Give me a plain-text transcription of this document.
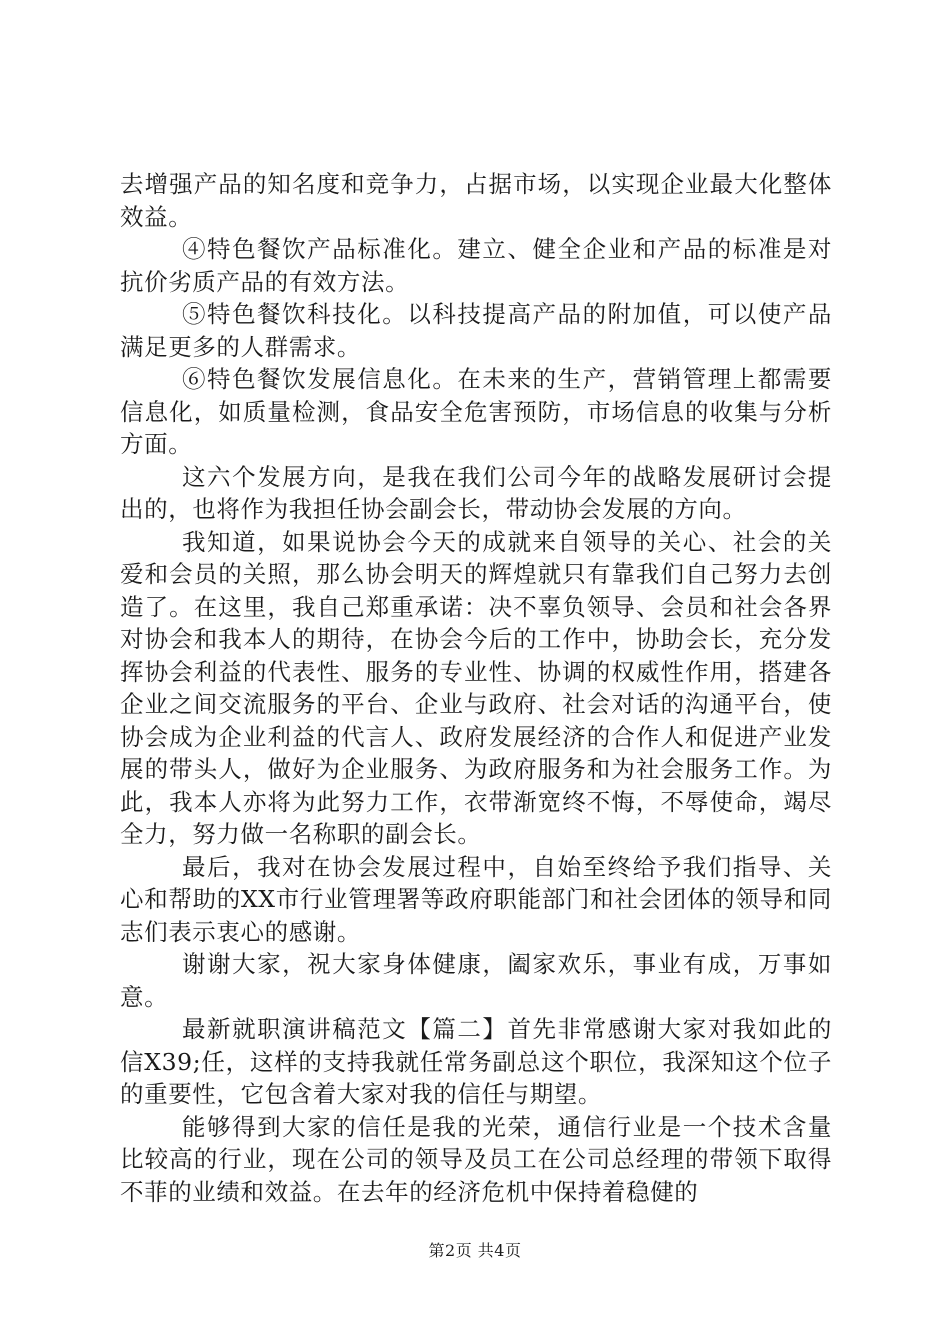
去增强产品的知名度和竞争力，占据市场，以实现企业最大化整体效益。

④特色餐饮产品标准化。建立、健全企业和产品的标准是对抗价劣质产品的有效方法。

⑤特色餐饮科技化。以科技提高产品的附加值，可以使产品满足更多的人群需求。

⑥特色餐饮发展信息化。在未来的生产，营销管理上都需要信息化，如质量检测，食品安全危害预防，市场信息的收集与分析方面。

这六个发展方向，是我在我们公司今年的战略发展研讨会提出的，也将作为我担任协会副会长，带动协会发展的方向。

我知道，如果说协会今天的成就来自领导的关心、社会的关爱和会员的关照，那么协会明天的辉煌就只有靠我们自己努力去创造了。在这里，我自己郑重承诺：决不辜负领导、会员和社会各界对协会和我本人的期待，在协会今后的工作中，协助会长，充分发挥协会利益的代表性、服务的专业性、协调的权威性作用，搭建各企业之间交流服务的平台、企业与政府、社会对话的沟通平台，使协会成为企业利益的代言人、政府发展经济的合作人和促进产业发展的带头人，做好为企业服务、为政府服务和为社会服务工作。为此，我本人亦将为此努力工作，衣带渐宽终不悔，不辱使命，竭尽全力，努力做一名称职的副会长。

最后，我对在协会发展过程中，自始至终给予我们指导、关心和帮助的XX市行业管理署等政府职能部门和社会团体的领导和同志们表示衷心的感谢。

谢谢大家，祝大家身体健康，阖家欢乐，事业有成，万事如意。

最新就职演讲稿范文【篇二】首先非常感谢大家对我如此的信X39;任，这样的支持我就任常务副总这个职位，我深知这个位子的重要性，它包含着大家对我的信任与期望。

能够得到大家的信任是我的光荣，通信行业是一个技术含量比较高的行业，现在公司的领导及员工在公司总经理的带领下取得不菲的业绩和效益。在去年的经济危机中保持着稳健的

第2页 共4页
